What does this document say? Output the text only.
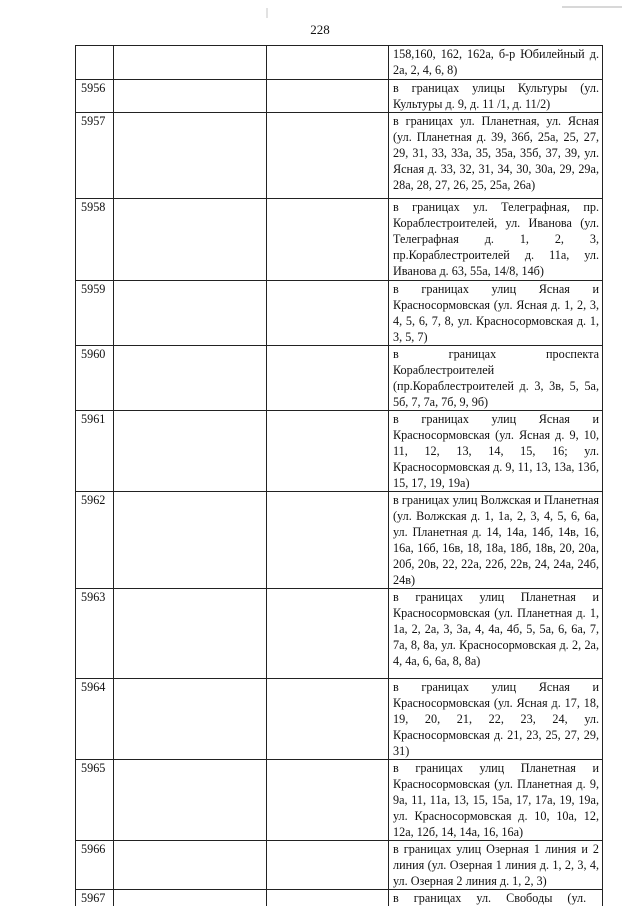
228
			158,160, 162, 162а, б-р Юбилейный д. 2а, 2, 4, 6, 8)
5956			в границах улицы Культуры (ул. Культуры д. 9, д. 11 /1, д. 11/2)
5957			в границах ул. Планетная, ул. Ясная (ул. Планетная д. 39, 36б, 25а, 25, 27, 29, 31, 33, 33а, 35, 35а, 35б, 37, 39, ул. Ясная д. 33, 32, 31, 34, 30, 30а, 29, 29а, 28а, 28, 27, 26, 25, 25а, 26а)
5958			в границах ул. Телеграфная, пр. Кораблестроителей, ул. Иванова (ул. Телеграфная д. 1, 2, 3, пр.Кораблестроителей д. 11а, ул. Иванова д. 63, 55а, 14/8, 14б)
5959			в границах улиц Ясная и Красносормовская (ул. Ясная д. 1, 2, 3, 4, 5, 6, 7, 8, ул. Красносормовская д. 1, 3, 5, 7)
5960			в границах проспекта Кораблестроителей (пр.Кораблестроителей д. 3, 3в, 5, 5а, 5б, 7, 7а, 7б, 9, 9б)
5961			в границах улиц Ясная и Красносормовская (ул. Ясная д. 9, 10, 11, 12, 13, 14, 15, 16; ул. Красносормовская д. 9, 11, 13, 13а, 13б, 15, 17, 19, 19а)
5962			в границах улиц Волжская и Планетная (ул. Волжская д. 1, 1а, 2, 3, 4, 5, 6, 6а, ул. Планетная д. 14, 14а, 14б, 14в, 16, 16а, 16б, 16в, 18, 18а, 18б, 18в, 20, 20а, 20б, 20в, 22, 22а, 22б, 22в, 24, 24а, 24б, 24в)
5963			в границах улиц Планетная и Красносормовская (ул. Планетная д. 1, 1а, 2, 2а, 3, 3а, 4, 4а, 4б, 5, 5а, 6, 6а, 7, 7а, 8, 8а, ул. Красносормовская д. 2, 2а, 4, 4а, 6, 6а, 8, 8а)
5964			в границах улиц Ясная и Красносормовская (ул. Ясная д. 17, 18, 19, 20, 21, 22, 23, 24, ул. Красносормовская д. 21, 23, 25, 27, 29, 31)
5965			в границах улиц Планетная и Красносормовская (ул. Планетная д. 9, 9а, 11, 11а, 13, 15, 15а, 17, 17а, 19, 19а, ул. Красносормовская д. 10, 10а, 12, 12а, 12б, 14, 14а, 16, 16а)
5966			в границах улиц Озерная 1 линия и 2 линия (ул. Озерная 1 линия д. 1, 2, 3, 4, ул. Озерная 2 линия д. 1, 2, 3)
5967			в границах ул. Свободы (ул.
